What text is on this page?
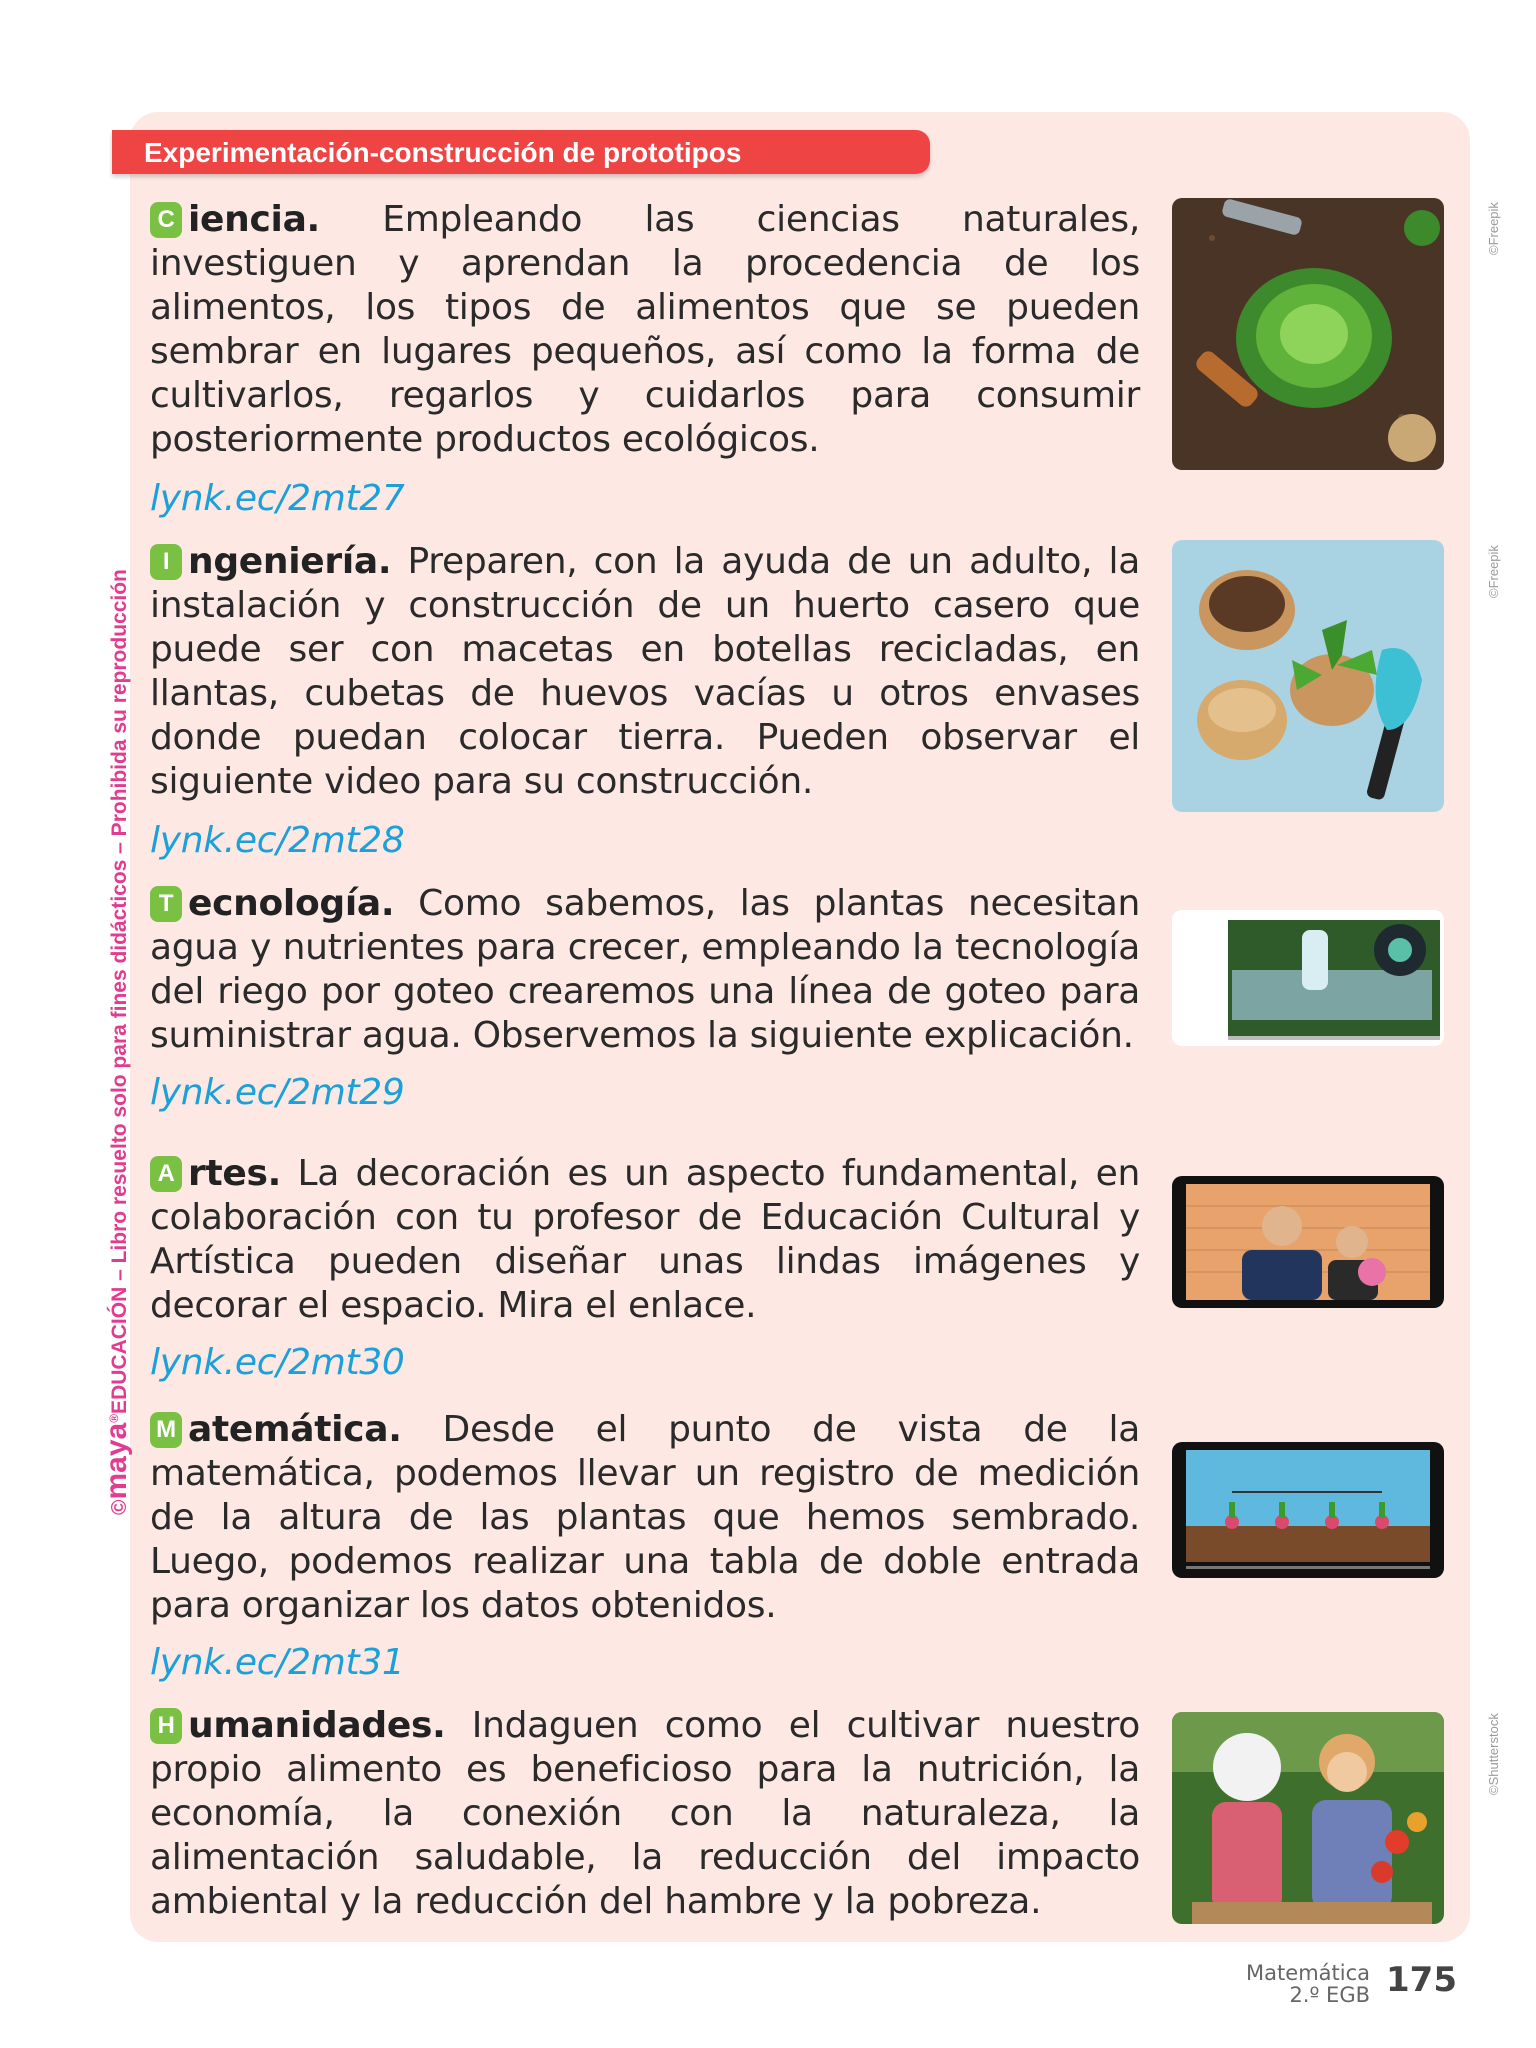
Experimentación-construcción de prototipos
©maya®EDUCACIÓN – Libro resuelto solo para fines didácticos – Prohibida su reproducción

C iencia. Empleando las ciencias naturales, investiguen y aprendan la procedencia de los alimentos, los tipos de alimentos que se pueden sembrar en lugares pequeños, así como la forma de cultivarlos, regarlos y cuidarlos para consumir posteriormente productos ecológicos.

lynk.ec/2mt27

I ngeniería. Preparen, con la ayuda de un adulto, la instalación y construcción de un huerto casero que puede ser con macetas en botellas recicladas, en llantas, cubetas de huevos vacías u otros envases donde puedan colocar tierra. Pueden observar el siguiente video para su construcción.

lynk.ec/2mt28

T ecnología. Como sabemos, las plantas necesitan agua y nutrientes para crecer, empleando la tecnología del riego por goteo crearemos una línea de goteo para suministrar agua. Observemos la siguiente explicación.

lynk.ec/2mt29

A rtes. La decoración es un aspecto fundamental, en colaboración con tu profesor de Educación Cultural y Artística pueden diseñar unas lindas imágenes y decorar el espacio. Mira el enlace.

lynk.ec/2mt30

M atemática. Desde el punto de vista de la matemática, podemos llevar un registro de medición de la altura de las plantas que hemos sembrado. Luego, podemos realizar una tabla de doble entrada para organizar los datos obtenidos.

lynk.ec/2mt31

H umanidades. Indaguen como el cultivar nuestro propio alimento es beneficioso para la nutrición, la economía, la conexión con la naturaleza, la alimentación saludable, la reducción del impacto ambiental y la reducción del hambre y la pobreza.

©Freepik
©Freepik
©Shutterstock
Matemática
2.º EGB 175
